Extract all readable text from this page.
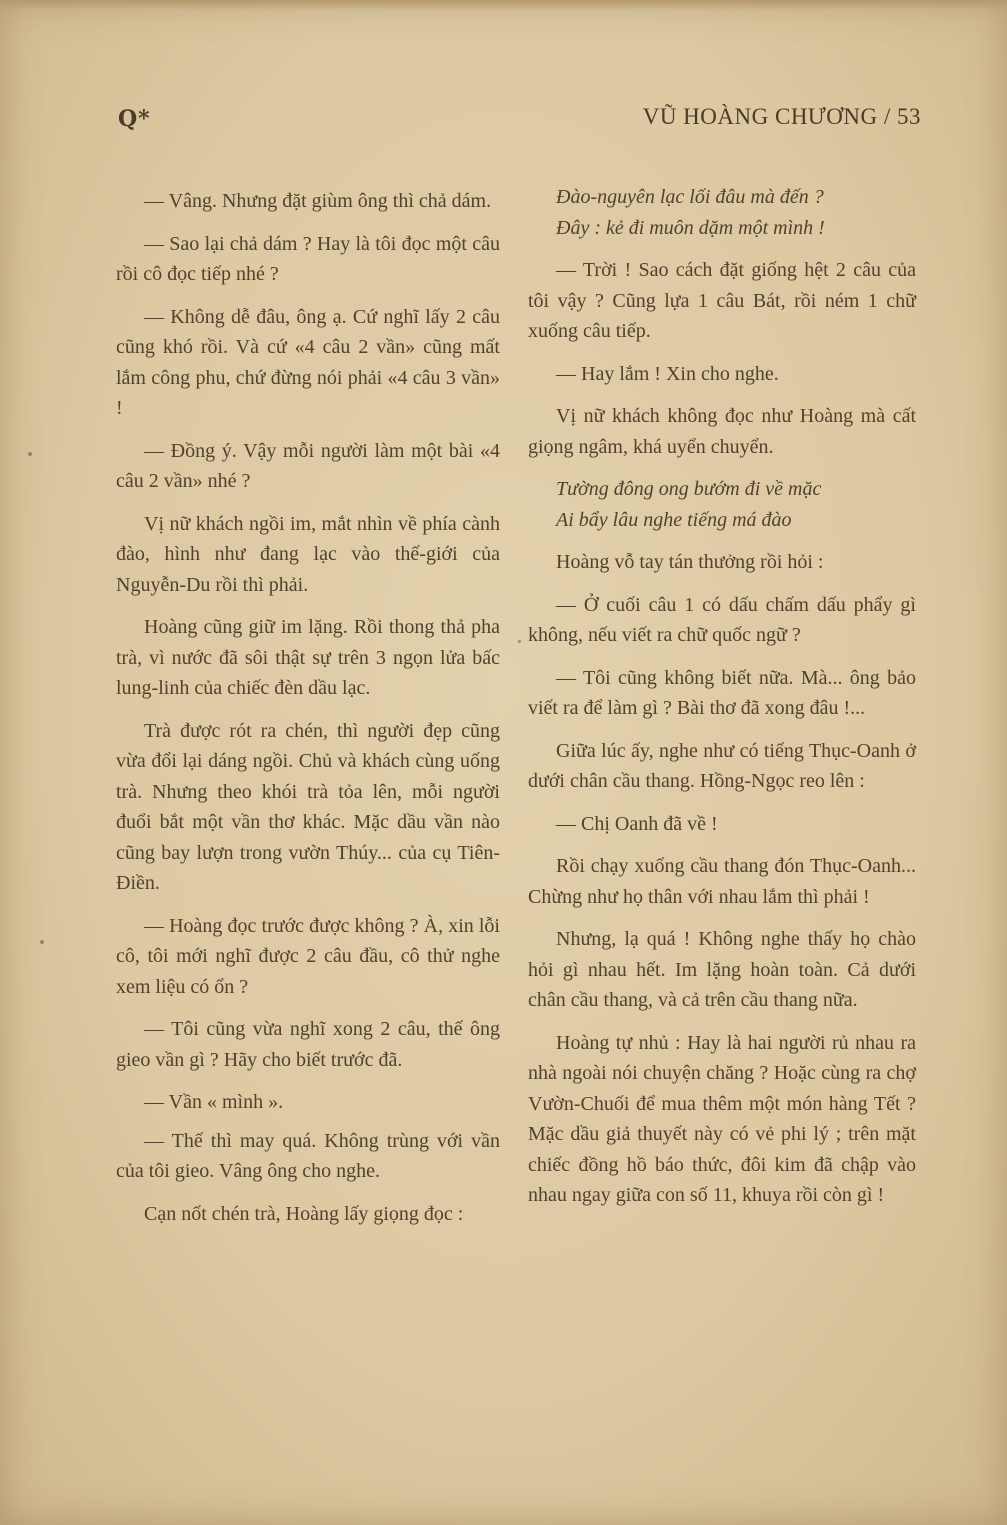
Q*	VŨ HOÀNG CHƯƠNG / 53

— Vâng. Nhưng đặt giùm ông thì chả dám.

— Sao lại chả dám ? Hay là tôi đọc một câu rồi cô đọc tiếp nhé ?

— Không dễ đâu, ông ạ. Cứ nghĩ lấy 2 câu cũng khó rồi. Và cứ «4 câu 2 vần» cũng mất lắm công phu, chứ đừng nói phải «4 câu 3 vần» !

— Đồng ý. Vậy mỗi người làm một bài «4 câu 2 vần» nhé ?

Vị nữ khách ngồi im, mắt nhìn về phía cành đào, hình như đang lạc vào thế-giới của Nguyễn-Du rồi thì phải.

Hoàng cũng giữ im lặng. Rồi thong thả pha trà, vì nước đã sôi thật sự trên 3 ngọn lửa bấc lung-linh của chiếc đèn dầu lạc.

Trà được rót ra chén, thì người đẹp cũng vừa đổi lại dáng ngồi. Chủ và khách cùng uống trà. Nhưng theo khói trà tỏa lên, mỗi người đuổi bắt một vần thơ khác. Mặc dầu vần nào cũng bay lượn trong vườn Thúy... của cụ Tiên-Điền.

— Hoàng đọc trước được không ? À, xin lỗi cô, tôi mới nghĩ được 2 câu đầu, cô thử nghe xem liệu có ổn ?

— Tôi cũng vừa nghĩ xong 2 câu, thế ông gieo vần gì ? Hãy cho biết trước đã.

— Vần « mình ».

— Thế thì may quá. Không trùng với vần của tôi gieo. Vâng ông cho nghe.

Cạn nốt chén trà, Hoàng lấy giọng đọc :

Đào-nguyên lạc lối đâu mà đến ?
Đây : kẻ đi muôn dặm một mình !

— Trời ! Sao cách đặt giống hệt 2 câu của tôi vậy ? Cũng lựa 1 câu Bát, rồi ném 1 chữ xuống câu tiếp.

— Hay lắm ! Xin cho nghe.

Vị nữ khách không đọc như Hoàng mà cất giọng ngâm, khá uyển chuyển.

Tường đông ong bướm đi về mặc
Ai bẩy lâu nghe tiếng má đào

Hoàng vỗ tay tán thưởng rồi hỏi :

— Ở cuối câu 1 có dấu chấm dấu phẩy gì không, nếu viết ra chữ quốc ngữ ?

— Tôi cũng không biết nữa. Mà... ông bảo viết ra để làm gì ? Bài thơ đã xong đâu !...

Giữa lúc ấy, nghe như có tiếng Thục-Oanh ở dưới chân cầu thang. Hồng-Ngọc reo lên :

— Chị Oanh đã về !

Rồi chạy xuống cầu thang đón Thục-Oanh... Chừng như họ thân với nhau lắm thì phải !

Nhưng, lạ quá ! Không nghe thấy họ chào hỏi gì nhau hết. Im lặng hoàn toàn. Cả dưới chân cầu thang, và cả trên cầu thang nữa.

Hoàng tự nhủ : Hay là hai người rủ nhau ra nhà ngoài nói chuyện chăng ? Hoặc cùng ra chợ Vườn-Chuối để mua thêm một món hàng Tết ? Mặc dầu giả thuyết này có vẻ phi lý ; trên mặt chiếc đồng hồ báo thức, đôi kim đã chập vào nhau ngay giữa con số 11, khuya rồi còn gì !
